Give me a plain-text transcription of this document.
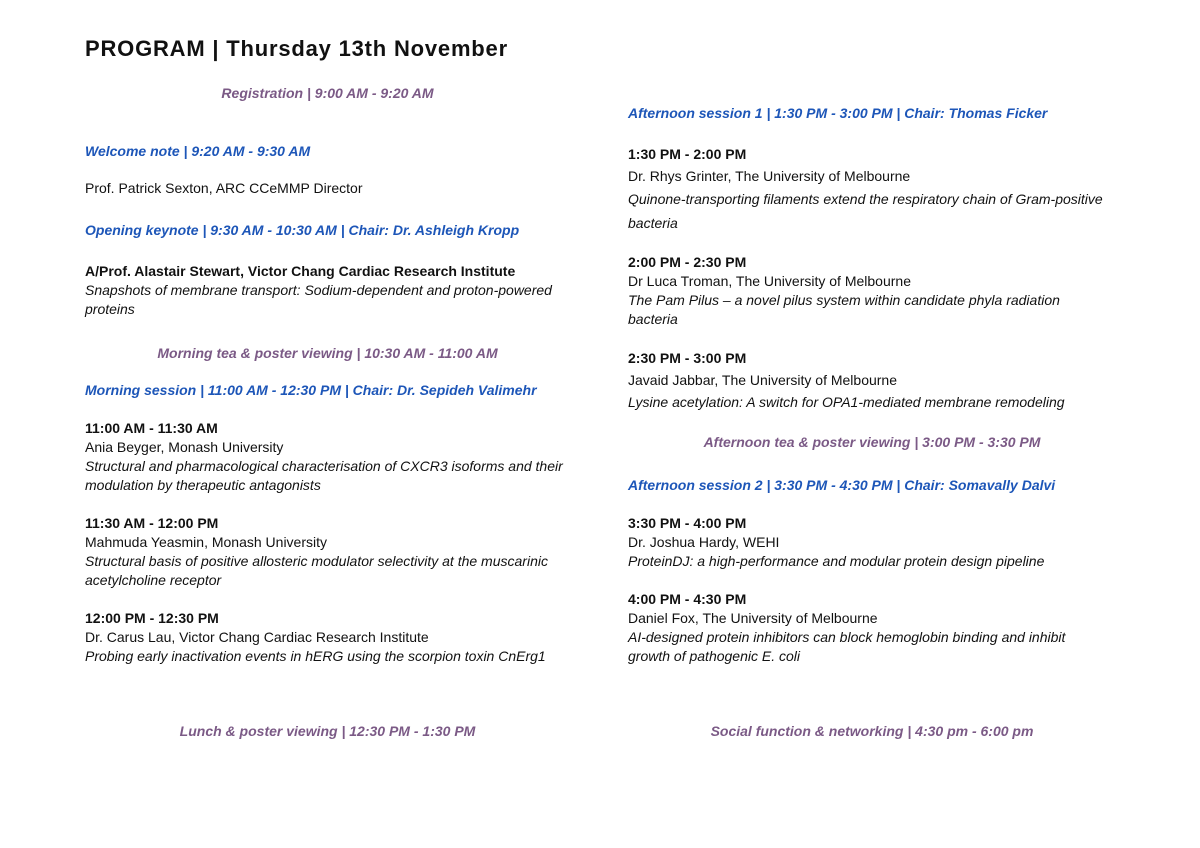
PROGRAM | Thursday 13th November
Registration | 9:00 AM - 9:20 AM
Welcome note | 9:20 AM - 9:30 AM
Prof. Patrick Sexton, ARC CCeMMP Director
Opening keynote | 9:30 AM - 10:30 AM | Chair: Dr. Ashleigh Kropp
A/Prof. Alastair Stewart, Victor Chang Cardiac Research Institute
Snapshots of membrane transport: Sodium-dependent and proton-powered proteins
Morning tea & poster viewing | 10:30 AM - 11:00 AM
Morning session | 11:00 AM - 12:30 PM | Chair: Dr. Sepideh Valimehr
11:00 AM - 11:30 AM
Ania Beyger, Monash University
Structural and pharmacological characterisation of CXCR3 isoforms and their modulation by therapeutic antagonists
11:30 AM - 12:00 PM
Mahmuda Yeasmin, Monash University
Structural basis of positive allosteric modulator selectivity at the muscarinic acetylcholine receptor
12:00 PM - 12:30 PM
Dr. Carus Lau, Victor Chang Cardiac Research Institute
Probing early inactivation events in hERG using the scorpion toxin CnErg1
Lunch & poster viewing | 12:30 PM - 1:30 PM
Afternoon session 1 | 1:30 PM - 3:00 PM | Chair: Thomas Ficker
1:30 PM - 2:00 PM
Dr. Rhys Grinter, The University of Melbourne
Quinone-transporting filaments extend the respiratory chain of Gram-positive bacteria
2:00 PM - 2:30 PM
Dr Luca Troman, The University of Melbourne
The Pam Pilus – a novel pilus system within candidate phyla radiation bacteria
2:30 PM - 3:00 PM
Javaid Jabbar, The University of Melbourne
Lysine acetylation: A switch for OPA1-mediated membrane remodeling
Afternoon tea & poster viewing | 3:00 PM - 3:30 PM
Afternoon session 2 | 3:30 PM - 4:30 PM | Chair: Somavally Dalvi
3:30 PM - 4:00 PM
Dr. Joshua Hardy, WEHI
ProteinDJ: a high-performance and modular protein design pipeline
4:00 PM - 4:30 PM
Daniel Fox, The University of Melbourne
AI-designed protein inhibitors can block hemoglobin binding and inhibit growth of pathogenic E. coli
Social function & networking | 4:30 pm - 6:00 pm
